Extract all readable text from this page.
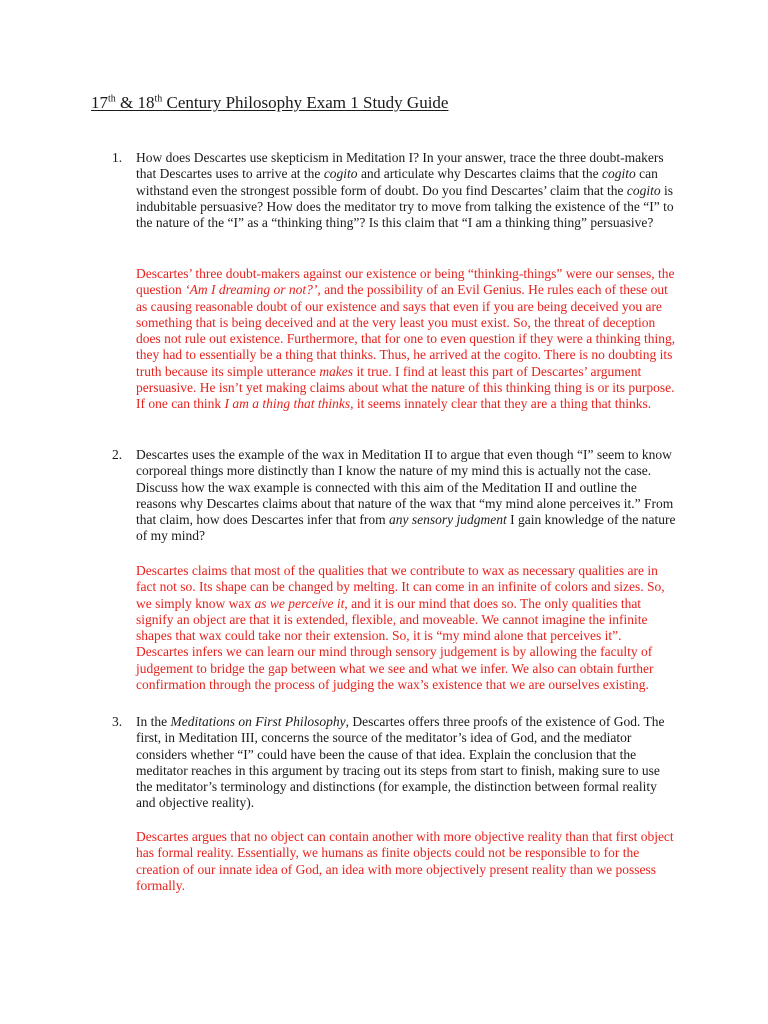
17th & 18th Century Philosophy Exam 1 Study Guide
1. How does Descartes use skepticism in Meditation I? In your answer, trace the three doubt-makers that Descartes uses to arrive at the cogito and articulate why Descartes claims that the cogito can withstand even the strongest possible form of doubt. Do you find Descartes’ claim that the cogito is indubitable persuasive? How does the meditator try to move from talking the existence of the “I” to the nature of the “I” as a “thinking thing”? Is this claim that “I am a thinking thing” persuasive?

Descartes’ three doubt-makers against our existence or being “thinking-things” were our senses, the question ‘Am I dreaming or not?’, and the possibility of an Evil Genius. He rules each of these out as causing reasonable doubt of our existence and says that even if you are being deceived you are something that is being deceived and at the very least you must exist. So, the threat of deception does not rule out existence. Furthermore, that for one to even question if they were a thinking thing, they had to essentially be a thing that thinks. Thus, he arrived at the cogito. There is no doubting its truth because its simple utterance makes it true. I find at least this part of Descartes’ argument persuasive. He isn’t yet making claims about what the nature of this thinking thing is or its purpose. If one can think I am a thing that thinks, it seems innately clear that they are a thing that thinks.

2. Descartes uses the example of the wax in Meditation II to argue that even though “I” seem to know corporeal things more distinctly than I know the nature of my mind this is actually not the case. Discuss how the wax example is connected with this aim of the Meditation II and outline the reasons why Descartes claims about that nature of the wax that “my mind alone perceives it.” From that claim, how does Descartes infer that from any sensory judgment I gain knowledge of the nature of my mind?

Descartes claims that most of the qualities that we contribute to wax as necessary qualities are in fact not so. Its shape can be changed by melting. It can come in an infinite of colors and sizes. So, we simply know wax as we perceive it, and it is our mind that does so. The only qualities that signify an object are that it is extended, flexible, and moveable. We cannot imagine the infinite shapes that wax could take nor their extension. So, it is “my mind alone that perceives it”. Descartes infers we can learn our mind through sensory judgement is by allowing the faculty of judgement to bridge the gap between what we see and what we infer. We also can obtain further confirmation through the process of judging the wax’s existence that we are ourselves existing.

3. In the Meditations on First Philosophy, Descartes offers three proofs of the existence of God. The first, in Meditation III, concerns the source of the meditator’s idea of God, and the mediator considers whether “I” could have been the cause of that idea. Explain the conclusion that the meditator reaches in this argument by tracing out its steps from start to finish, making sure to use the meditator’s terminology and distinctions (for example, the distinction between formal reality and objective reality).

Descartes argues that no object can contain another with more objective reality than that first object has formal reality. Essentially, we humans as finite objects could not be responsible to for the creation of our innate idea of God, an idea with more objectively present reality than we possess formally.
